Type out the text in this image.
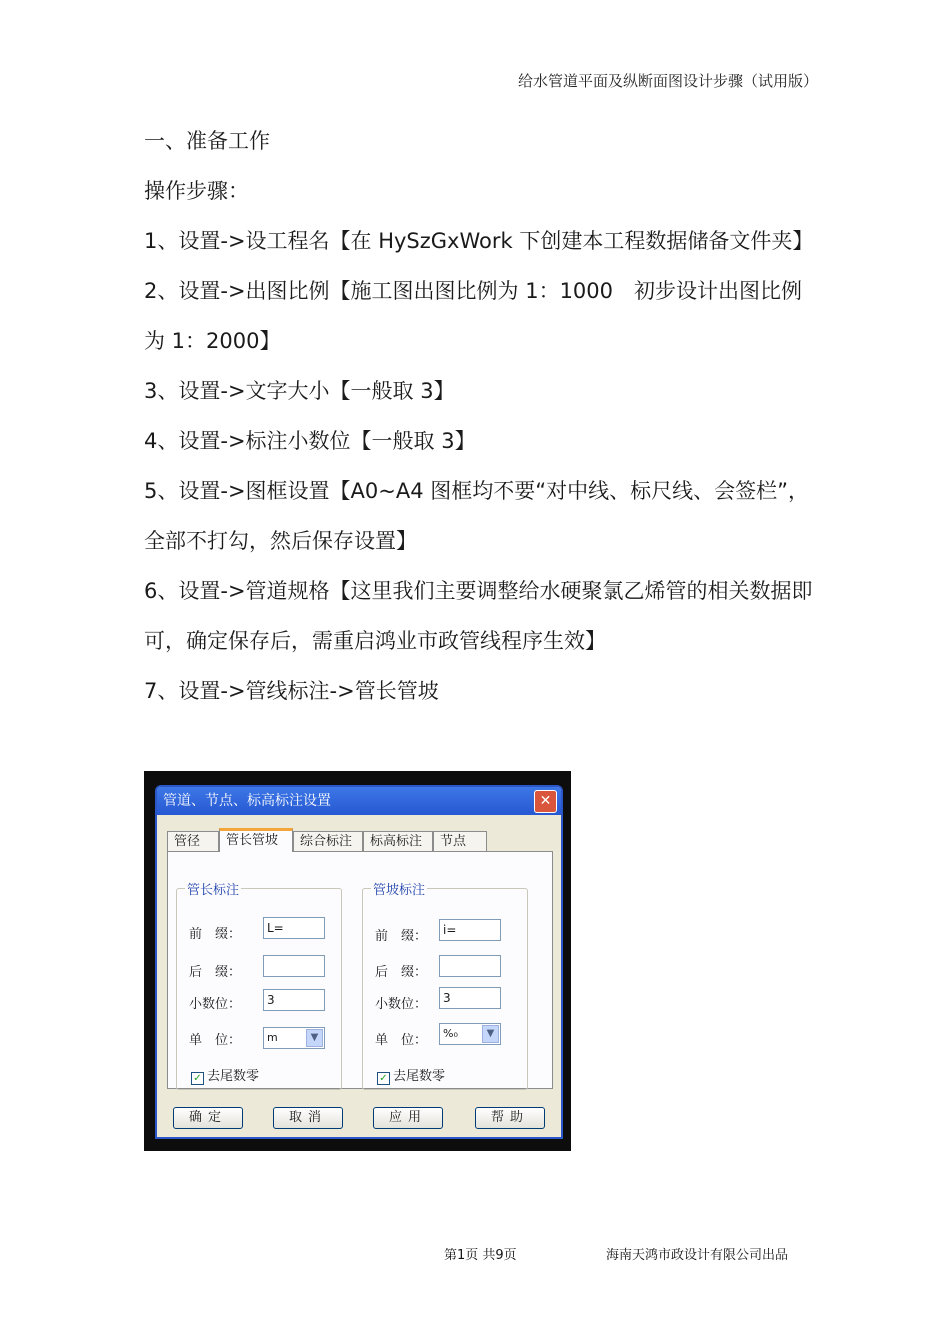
给水管道平面及纵断面图设计步骤（试用版）

一、准备工作

操作步骤：

1、设置->设工程名【在 HySzGxWork 下创建本工程数据储备文件夹】

2、设置->出图比例【施工图出图比例为 1：1000　初步设计出图比例为 1：2000】

3、设置->文字大小【一般取 3】

4、设置->标注小数位【一般取 3】

5、设置->图框设置【A0~A4 图框均不要“对中线、标尺线、会签栏”，全部不打勾，然后保存设置】

6、设置->管道规格【这里我们主要调整给水硬聚氯乙烯管的相关数据即可，确定保存后，需重启鸿业市政管线程序生效】

7、设置->管线标注->管长管坡

管道、节点、标高标注设置	✕
管径	管长管坡	综合标注	标高标注	节点
管长标注
前　缀：	L=
后　缀：
小数位：	3
单　位：	m	▼
✓ 去尾数零
管坡标注
前　缀：	i=
后　缀：
小数位：	3
单　位：	%₀	▼
✓ 去尾数零
确定	取消	应用	帮助
第1页 共9页	海南天鸿市政设计有限公司出品
